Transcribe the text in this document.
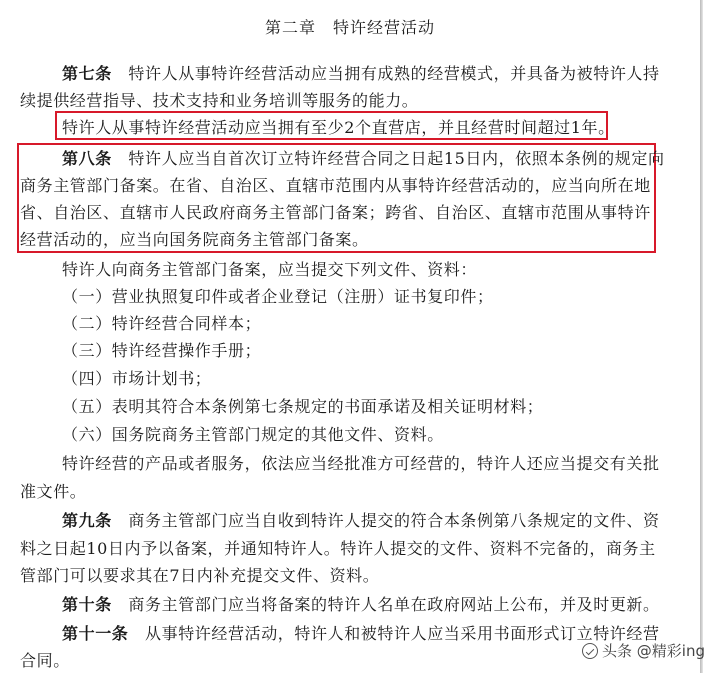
第二章　特许经营活动
第七条　特许人从事特许经营活动应当拥有成熟的经营模式，并具备为被特许人持
续提供经营指导、技术支持和业务培训等服务的能力。
特许人从事特许经营活动应当拥有至少2个直营店，并且经营时间超过1年。
第八条　特许人应当自首次订立特许经营合同之日起15日内，依照本条例的规定向
商务主管部门备案。在省、自治区、直辖市范围内从事特许经营活动的，应当向所在地
省、自治区、直辖市人民政府商务主管部门备案；跨省、自治区、直辖市范围从事特许
经营活动的，应当向国务院商务主管部门备案。
特许人向商务主管部门备案，应当提交下列文件、资料：
（一）营业执照复印件或者企业登记（注册）证书复印件；
（二）特许经营合同样本；
（三）特许经营操作手册；
（四）市场计划书；
（五）表明其符合本条例第七条规定的书面承诺及相关证明材料；
（六）国务院商务主管部门规定的其他文件、资料。
特许经营的产品或者服务，依法应当经批准方可经营的，特许人还应当提交有关批
准文件。
第九条　商务主管部门应当自收到特许人提交的符合本条例第八条规定的文件、资
料之日起10日内予以备案，并通知特许人。特许人提交的文件、资料不完备的，商务主
管部门可以要求其在7日内补充提交文件、资料。
第十条　商务主管部门应当将备案的特许人名单在政府网站上公布，并及时更新。
第十一条　从事特许经营活动，特许人和被特许人应当采用书面形式订立特许经营
合同。	头条 @精彩ing
